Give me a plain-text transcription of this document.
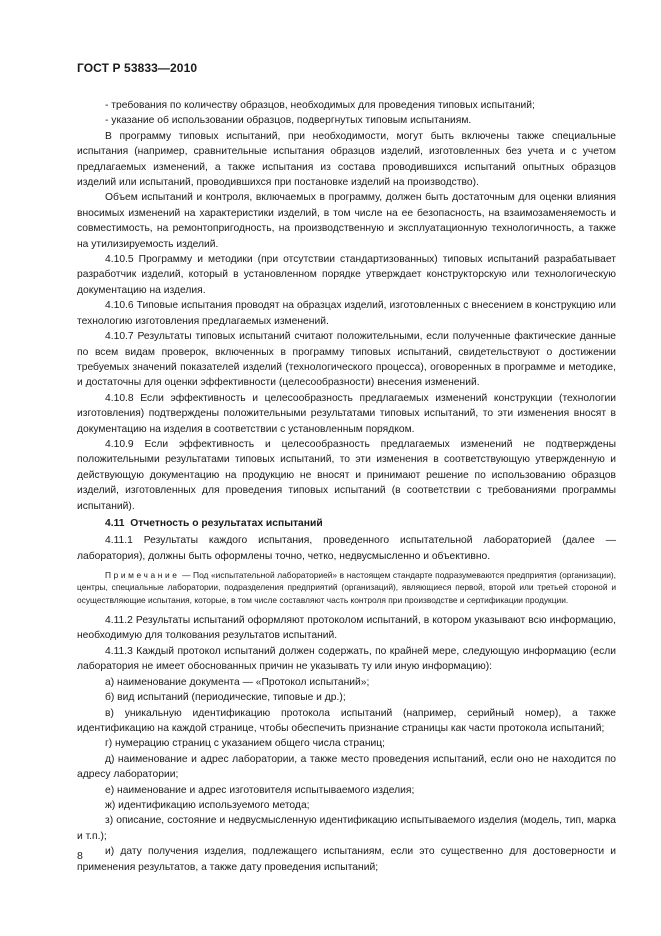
ГОСТ Р 53833—2010

- требования по количеству образцов, необходимых для проведения типовых испытаний;

- указание об использовании образцов, подвергнутых типовым испытаниям.

В программу типовых испытаний, при необходимости, могут быть включены также специальные испытания (например, сравнительные испытания образцов изделий, изготовленных без учета и с учетом предлагаемых изменений, а также испытания из состава проводившихся испытаний опытных образцов изделий или испытаний, проводившихся при постановке изделий на производство).

Объем испытаний и контроля, включаемых в программу, должен быть достаточным для оценки влияния вносимых изменений на характеристики изделий, в том числе на ее безопасность, на взаимозаменяемость и совместимость, на ремонтопригодность, на производственную и эксплуатационную технологичность, а также на утилизируемость изделий.

4.10.5 Программу и методики (при отсутствии стандартизованных) типовых испытаний разрабатывает разработчик изделий, который в установленном порядке утверждает конструкторскую или технологическую документацию на изделия.

4.10.6 Типовые испытания проводят на образцах изделий, изготовленных с внесением в конструкцию или технологию изготовления предлагаемых изменений.

4.10.7 Результаты типовых испытаний считают положительными, если полученные фактические данные по всем видам проверок, включенных в программу типовых испытаний, свидетельствуют о достижении требуемых значений показателей изделий (технологического процесса), оговоренных в программе и методике, и достаточны для оценки эффективности (целесообразности) внесения изменений.

4.10.8 Если эффективность и целесообразность предлагаемых изменений конструкции (технологии изготовления) подтверждены положительными результатами типовых испытаний, то эти изменения вносят в документацию на изделия в соответствии с установленным порядком.

4.10.9 Если эффективность и целесообразность предлагаемых изменений не подтверждены положительными результатами типовых испытаний, то эти изменения в соответствующую утвержденную и действующую документацию на продукцию не вносят и принимают решение по использованию образцов изделий, изготовленных для проведения типовых испытаний (в соответствии с требованиями программы испытаний).

4.11 Отчетность о результатах испытаний

4.11.1 Результаты каждого испытания, проведенного испытательной лабораторией (далее — лаборатория), должны быть оформлены точно, четко, недвусмысленно и объективно.

Примечание — Под «испытательной лабораторией» в настоящем стандарте подразумеваются предприятия (организации), центры, специальные лаборатории, подразделения предприятий (организаций), являющиеся первой, второй или третьей стороной и осуществляющие испытания, которые, в том числе составляют часть контроля при производстве и сертификации продукции.

4.11.2 Результаты испытаний оформляют протоколом испытаний, в котором указывают всю информацию, необходимую для толкования результатов испытаний.

4.11.3 Каждый протокол испытаний должен содержать, по крайней мере, следующую информацию (если лаборатория не имеет обоснованных причин не указывать ту или иную информацию):

а) наименование документа — «Протокол испытаний»;

б) вид испытаний (периодические, типовые и др.);

в) уникальную идентификацию протокола испытаний (например, серийный номер), а также идентификацию на каждой странице, чтобы обеспечить признание страницы как части протокола испытаний;

г) нумерацию страниц с указанием общего числа страниц;

д) наименование и адрес лаборатории, а также место проведения испытаний, если оно не находится по адресу лаборатории;

е) наименование и адрес изготовителя испытываемого изделия;

ж) идентификацию используемого метода;

з) описание, состояние и недвусмысленную идентификацию испытываемого изделия (модель, тип, марка и т.п.);

и) дату получения изделия, подлежащего испытаниям, если это существенно для достоверности и применения результатов, а также дату проведения испытаний;

8
